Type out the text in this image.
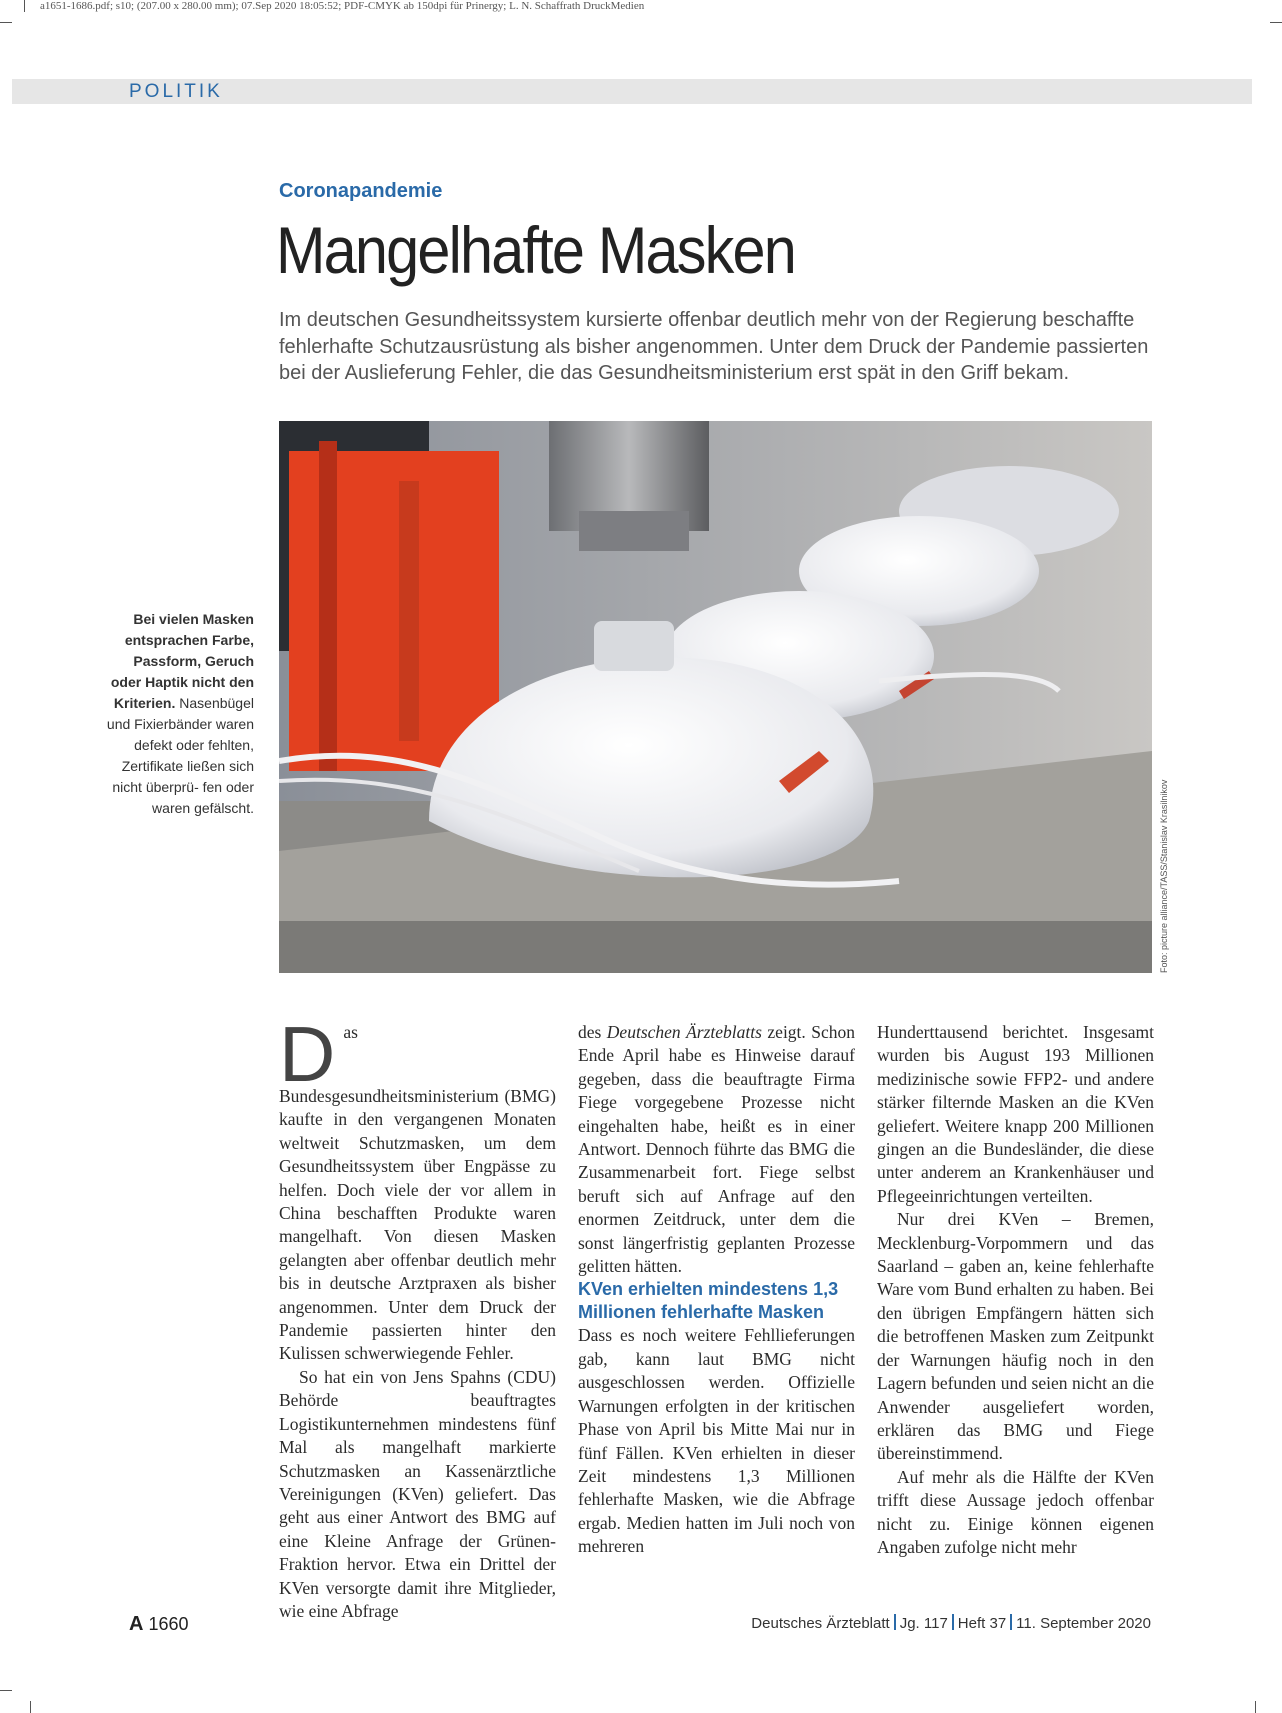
a1651-1686.pdf; s10; (207.00 x 280.00 mm); 07.Sep 2020 18:05:52; PDF-CMYK ab 150dpi für Prinergy; L. N. Schaffrath DruckMedien
POLITIK
Coronapandemie
Mangelhafte Masken
Im deutschen Gesundheitssystem kursierte offenbar deutlich mehr von der Regierung beschaffte fehlerhafte Schutzausrüstung als bisher angenommen. Unter dem Druck der Pandemie passierten bei der Auslieferung Fehler, die das Gesundheitsministerium erst spät in den Griff bekam.
Foto: picture alliance/TASS/Stanislav Krasilnikov
Bei vielen Masken entsprachen Farbe, Passform, Geruch oder Haptik nicht den Kriterien. Nasenbügel und Fixierbänder waren defekt oder fehlten, Zertifikate ließen sich nicht überprü- fen oder waren gefälscht.

Das Bundesgesundheitsministerium (BMG) kaufte in den vergangenen Monaten weltweit Schutzmasken, um dem Gesundheitssystem über Engpässe zu helfen. Doch viele der vor allem in China beschafften Produkte waren mangelhaft. Von diesen Masken gelangten aber offenbar deutlich mehr bis in deutsche Arztpraxen als bisher angenommen. Unter dem Druck der Pandemie passierten hinter den Kulissen schwerwiegende Fehler.

So hat ein von Jens Spahns (CDU) Behörde beauftragtes Logistikunternehmen mindestens fünf Mal als mangelhaft markierte Schutzmasken an Kassenärztliche Vereinigungen (KVen) geliefert. Das geht aus einer Antwort des BMG auf eine Kleine Anfrage der Grünen-Fraktion hervor. Etwa ein Drittel der KVen versorgte damit ihre Mitglieder, wie eine Abfrage

des Deutschen Ärzteblatts zeigt. Schon Ende April habe es Hinweise darauf gegeben, dass die beauftragte Firma Fiege vorgegebene Prozesse nicht eingehalten habe, heißt es in einer Antwort. Dennoch führte das BMG die Zusammenarbeit fort. Fiege selbst beruft sich auf Anfrage auf den enormen Zeitdruck, unter dem die sonst längerfristig geplanten Prozesse gelitten hätten.

KVen erhielten mindestens 1,3 Millionen fehlerhafte Masken

Dass es noch weitere Fehllieferungen gab, kann laut BMG nicht ausgeschlossen werden. Offizielle Warnungen erfolgten in der kritischen Phase von April bis Mitte Mai nur in fünf Fällen. KVen erhielten in dieser Zeit mindestens 1,3 Millionen fehlerhafte Masken, wie die Abfrage ergab. Medien hatten im Juli noch von mehreren

Hunderttausend berichtet. Insgesamt wurden bis August 193 Millionen medizinische sowie FFP2- und andere stärker filternde Masken an die KVen geliefert. Weitere knapp 200 Millionen gingen an die Bundesländer, die diese unter anderem an Krankenhäuser und Pflegeeinrichtungen verteilten.

Nur drei KVen – Bremen, Mecklenburg-Vorpommern und das Saarland – gaben an, keine fehlerhafte Ware vom Bund erhalten zu haben. Bei den übrigen Empfängern hätten sich die betroffenen Masken zum Zeitpunkt der Warnungen häufig noch in den Lagern befunden und seien nicht an die Anwender ausgeliefert worden, erklären das BMG und Fiege übereinstimmend.

Auf mehr als die Hälfte der KVen trifft diese Aussage jedoch offenbar nicht zu. Einige können eigenen Angaben zufolge nicht mehr

A 1660	Deutsches Ärzteblatt Jg. 117 Heft 37 11. September 2020
